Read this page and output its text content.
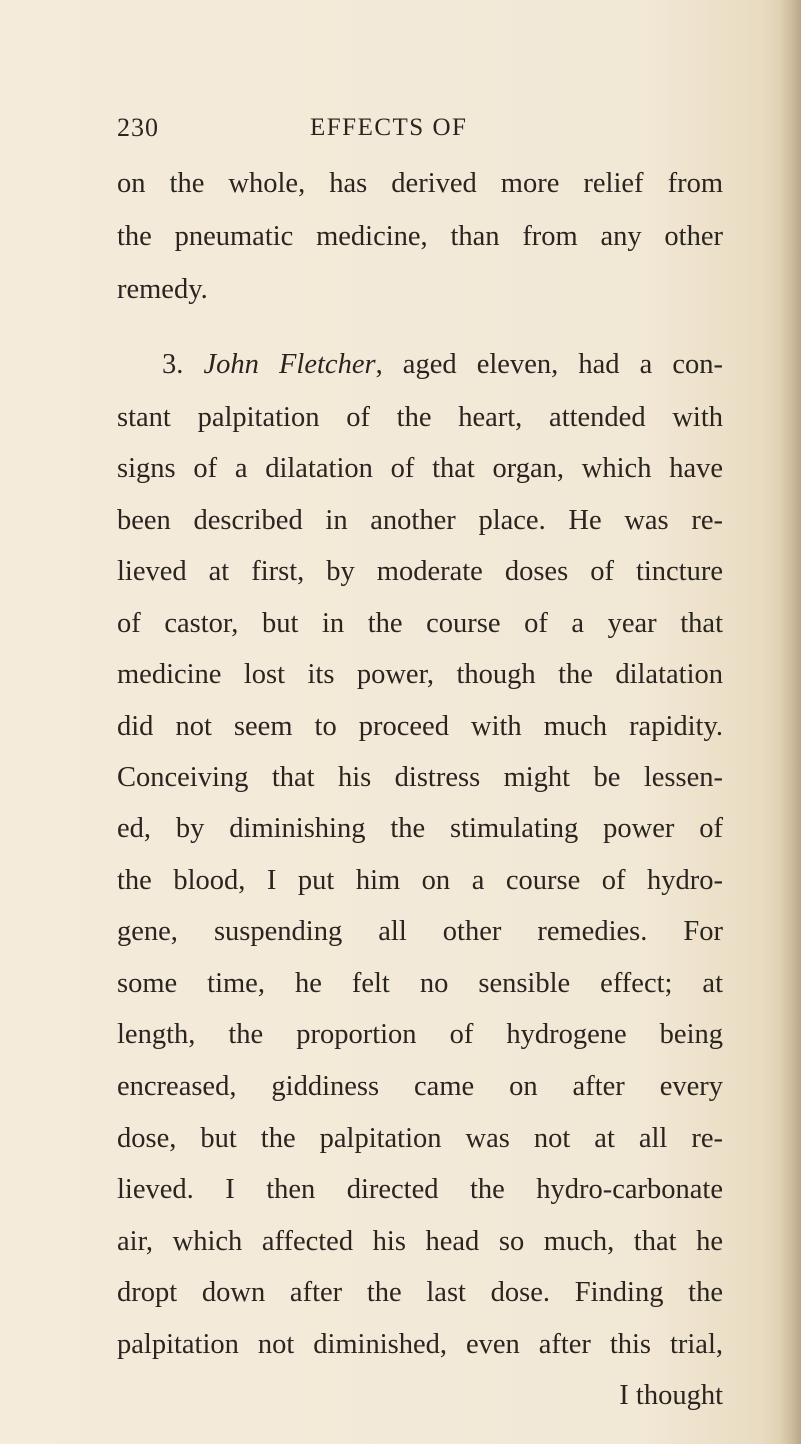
230	EFFECTS OF
on the whole, has derived more relief from
the pneumatic medicine, than from any other
remedy.
3. John Fletcher, aged eleven, had a con-
stant palpitation of the heart, attended with
signs of a dilatation of that organ, which have
been described in another place. He was re-
lieved at first, by moderate doses of tincture
of castor, but in the course of a year that
medicine lost its power, though the dilatation
did not seem to proceed with much rapidity.
Conceiving that his distress might be lessen-
ed, by diminishing the stimulating power of
the blood, I put him on a course of hydro-
gene, suspending all other remedies. For
some time, he felt no sensible effect; at
length, the proportion of hydrogene being
encreased, giddiness came on after every
dose, but the palpitation was not at all re-
lieved. I then directed the hydro-carbonate
air, which affected his head so much, that he
dropt down after the last dose. Finding the
palpitation not diminished, even after this trial,
I thought
